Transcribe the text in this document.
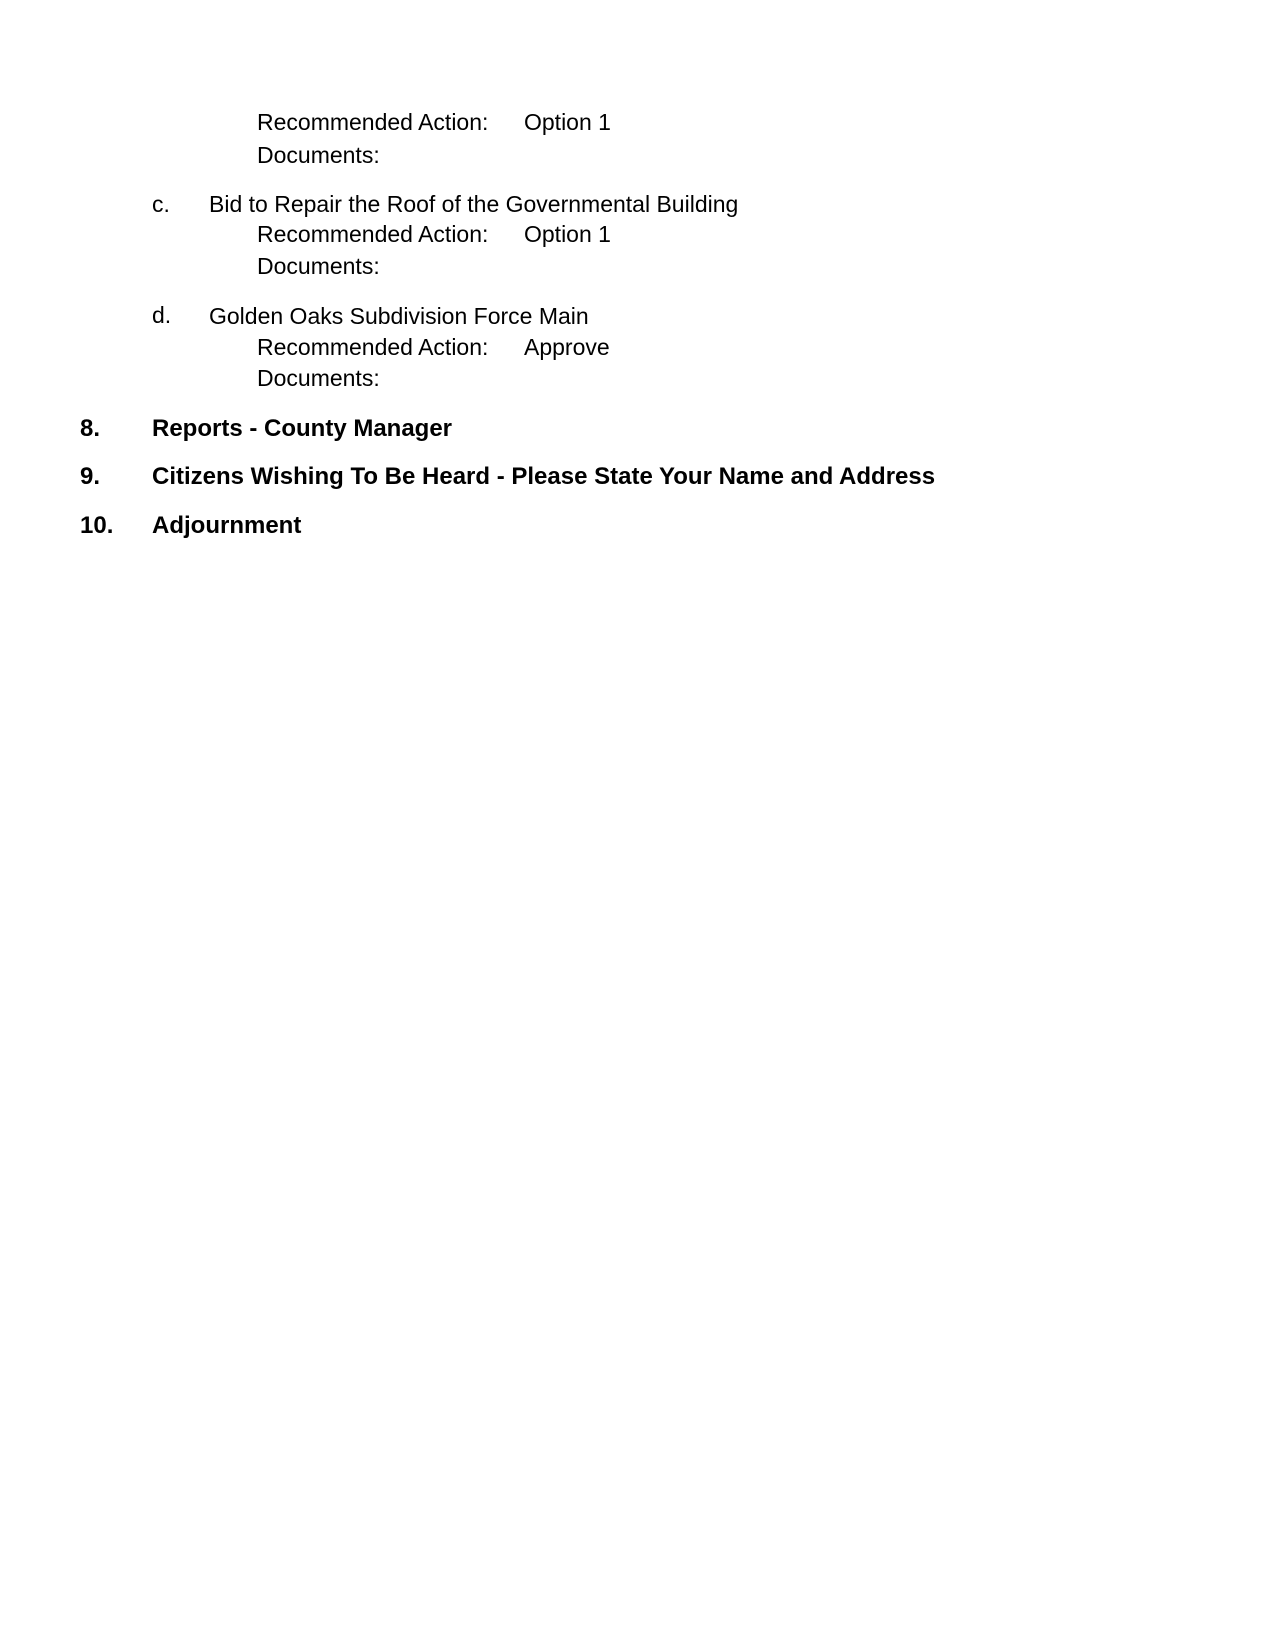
Recommended Action: Option 1
Documents:
c. Bid to Repair the Roof of the Governmental Building
Recommended Action: Option 1
Documents:
d. Golden Oaks Subdivision Force Main
Recommended Action: Approve
Documents:
8. Reports - County Manager
9. Citizens Wishing To Be Heard - Please State Your Name and Address
10. Adjournment
